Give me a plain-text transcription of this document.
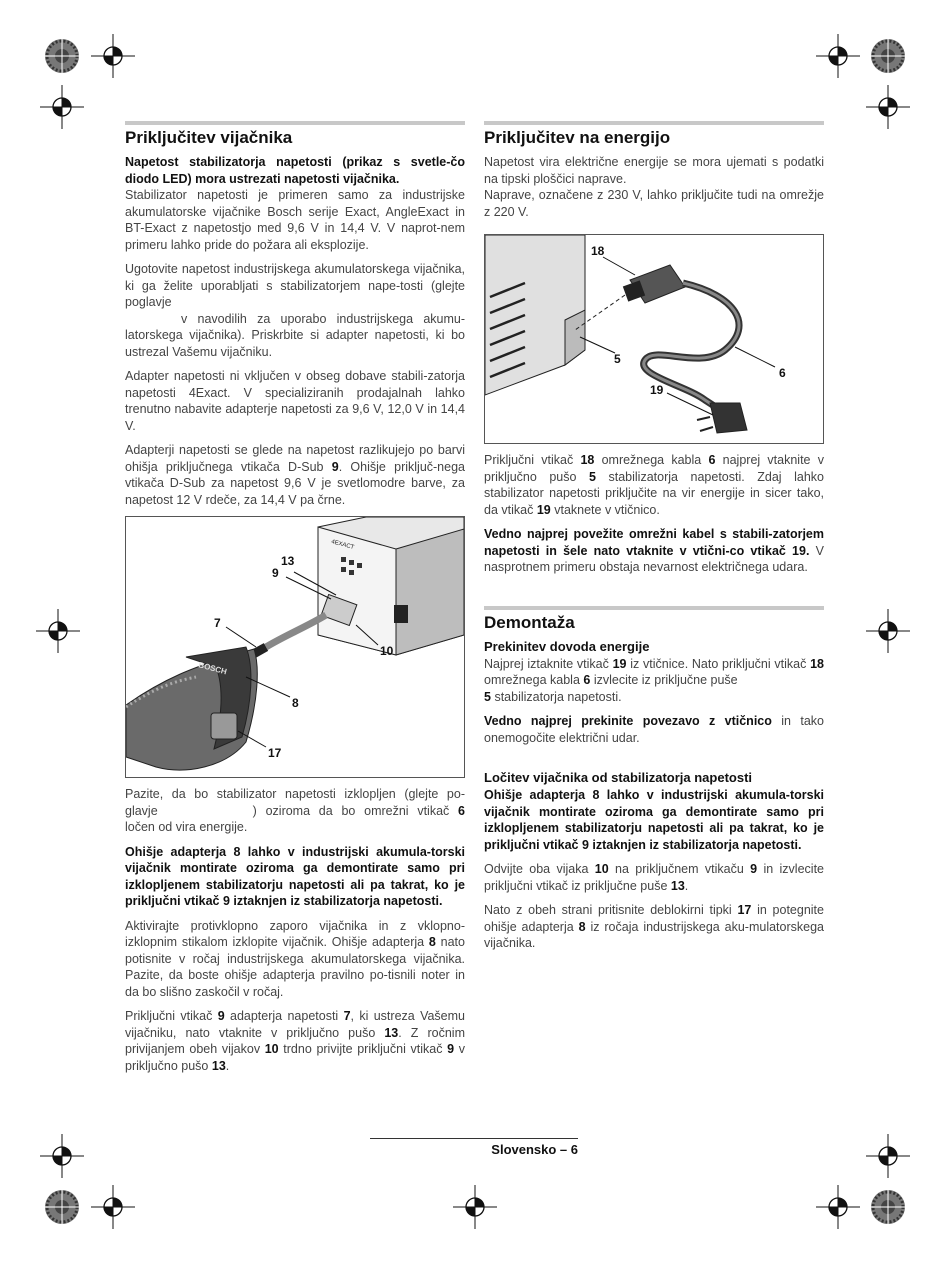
Priključitev vijačnika

Napetost stabilizatorja napetosti (prikaz s svetle-čo diodo LED) mora ustrezati napetosti vijačnika.

Stabilizator napetosti je primeren samo za industrijske akumulatorske vijačnike Bosch serije Exact, AngleExact in BT-Exact z napetostjo med 9,6 V in 14,4 V. V naprot-nem primeru lahko pride do požara ali eksplozije.

Ugotovite napetost industrijskega akumulatorskega vijačnika, ki ga želite uporabljati s stabilizatorjem nape-tosti (glejte poglavje
v navodilih za uporabo industrijskega akumu-latorskega vijačnika). Priskrbite si adapter napetosti, ki bo ustrezal Vašemu vijačniku.

Adapter napetosti ni vključen v obseg dobave stabili-zatorja napetosti 4Exact. V specializiranih prodajalnah lahko trenutno nabavite adapterje napetosti za 9,6 V, 12,0 V in 14,4 V.

Adapterji napetosti se glede na napetost razlikujejo po barvi ohišja priključnega vtikača D-Sub 9. Ohišje priključ-nega vtikača D-Sub za napetost 9,6 V je svetlomodre barve, za napetost 12 V rdeče, za 14,4 V pa črne.

4EXACT
BOSCH
13
9
7
10
8
17

Pazite, da bo stabilizator napetosti izklopljen (glejte po-glavje	) oziroma da bo omrežni vtikač 6 ločen od vira energije.

Ohišje adapterja 8 lahko v industrijski akumula-torski vijačnik montirate oziroma ga demontirate samo pri izklopljenem stabilizatorju napetosti ali pa takrat, ko je priključni vtikač 9 iztaknjen iz stabilizatorja napetosti.

Aktivirajte protivklopno zaporo vijačnika in z vklopno-izklopnim stikalom izklopite vijačnik. Ohišje adapterja 8 nato potisnite v ročaj industrijskega akumulatorskega vijačnika. Pazite, da boste ohišje adapterja pravilno po-tisnili noter in da bo slišno zaskočil v ročaj.

Priključni vtikač 9 adapterja napetosti 7, ki ustreza Vašemu vijačniku, nato vtaknite v priključno pušo 13. Z ročnim privijanjem obeh vijakov 10 trdno privijte priključni vtikač 9 v priključno pušo 13.

Priključitev na energijo

Napetost vira električne energije se mora ujemati s podatki na tipski ploščici naprave.

Naprave, označene z 230 V, lahko priključite tudi na omrežje z 220 V.

18
5
6
19

Priključni vtikač 18 omrežnega kabla 6 najprej vtaknite v priključno pušo 5 stabilizatorja napetosti. Zdaj lahko stabilizator napetosti priključite na vir energije in sicer tako, da vtikač 19 vtaknete v vtičnico.

Vedno najprej povežite omrežni kabel s stabili-zatorjem napetosti in šele nato vtaknite v vtični-co vtikač 19. V nasprotnem primeru obstaja nevarnost električnega udara.

Demontaža
Prekinitev dovoda energije

Najprej iztaknite vtikač 19 iz vtičnice. Nato priključni vtikač 18 omrežnega kabla 6 izvlecite iz priključne puše
5 stabilizatorja napetosti.

Vedno najprej prekinite povezavo z vtičnico in tako onemogočite električni udar.

Ločitev vijačnika od stabilizatorja napetosti

Ohišje adapterja 8 lahko v industrijski akumula-torski vijačnik montirate oziroma ga demontirate samo pri izklopljenem stabilizatorju napetosti ali pa takrat, ko je priključni vtikač 9 iztaknjen iz stabilizatorja napetosti.

Odvijte oba vijaka 10 na priključnem vtikaču 9 in izvlecite priključni vtikač iz priključne puše 13.

Nato z obeh strani pritisnite deblokirni tipki 17 in potegnite ohišje adapterja 8 iz ročaja industrijskega aku-mulatorskega vijačnika.

Slovensko – 6
